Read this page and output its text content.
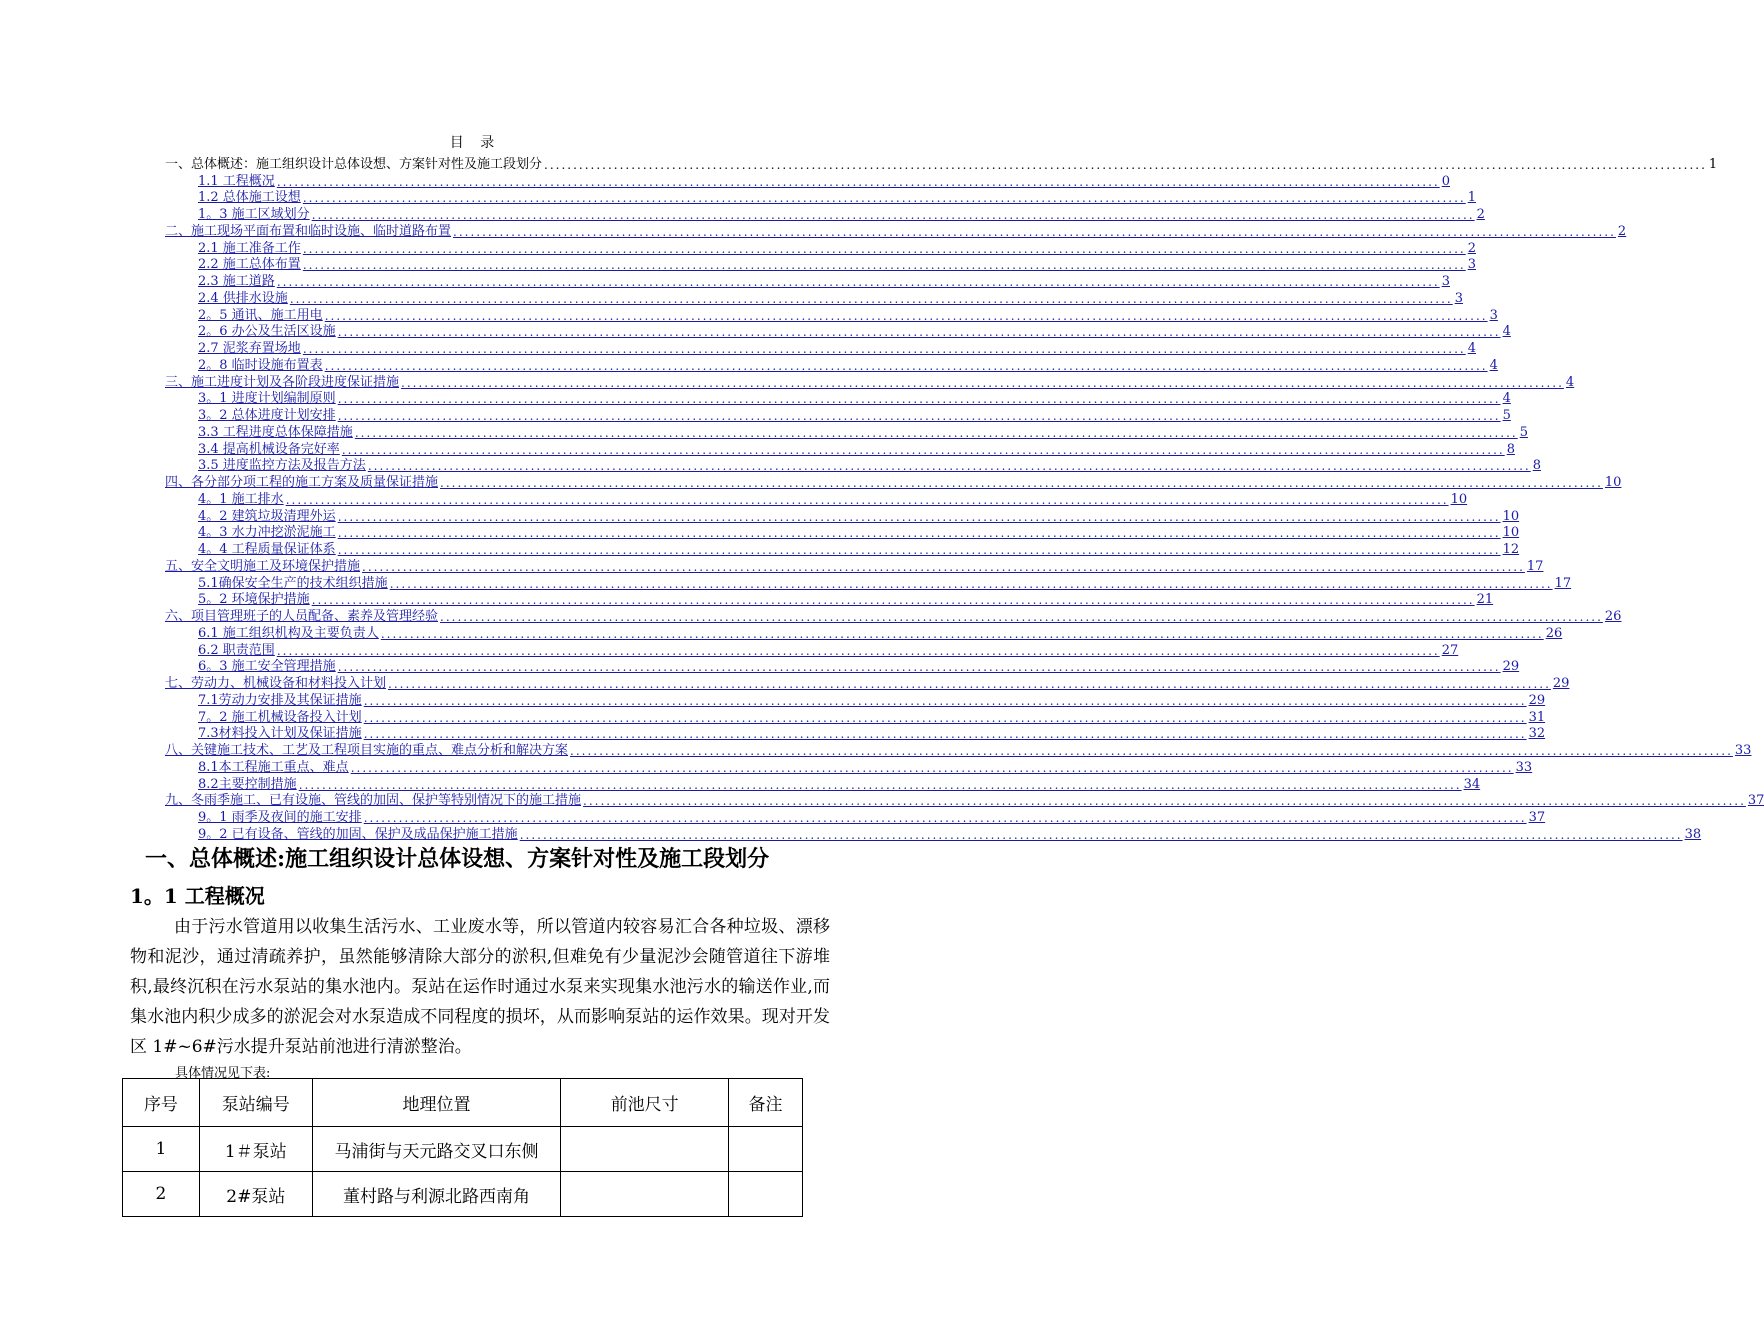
目 录
一、总体概述：施工组织设计总体设想、方案针对性及施工段划分 ........................................................................................................................................................................................................ 1
1.1 工程概况 ........................................................................................................................................................................................................ 0
1.2 总体施工设想 ........................................................................................................................................................................................................ 1
1。3 施工区域划分 ........................................................................................................................................................................................................ 2
二、施工现场平面布置和临时设施、临时道路布置 ........................................................................................................................................................................................................ 2
2.1 施工准备工作 ........................................................................................................................................................................................................ 2
2.2 施工总体布置 ........................................................................................................................................................................................................ 3
2.3 施工道路 ........................................................................................................................................................................................................ 3
2.4 供排水设施 ........................................................................................................................................................................................................ 3
2。5 通讯、施工用电 ........................................................................................................................................................................................................ 3
2。6 办公及生活区设施 ........................................................................................................................................................................................................ 4
2.7 泥浆弃置场地 ........................................................................................................................................................................................................ 4
2。8 临时设施布置表 ........................................................................................................................................................................................................ 4
三、施工进度计划及各阶段进度保证措施 ........................................................................................................................................................................................................ 4
3。1 进度计划编制原则 ........................................................................................................................................................................................................ 4
3。2 总体进度计划安排 ........................................................................................................................................................................................................ 5
3.3 工程进度总体保障措施 ........................................................................................................................................................................................................ 5
3.4 提高机械设备完好率 ........................................................................................................................................................................................................ 8
3.5 进度监控方法及报告方法 ........................................................................................................................................................................................................ 8
四、各分部分项工程的施工方案及质量保证措施 ........................................................................................................................................................................................................ 10
4。1 施工排水 ........................................................................................................................................................................................................ 10
4。2 建筑垃圾清理外运 ........................................................................................................................................................................................................ 10
4。3 水力冲挖淤泥施工 ........................................................................................................................................................................................................ 10
4。4 工程质量保证体系 ........................................................................................................................................................................................................ 12
五、安全文明施工及环境保护措施 ........................................................................................................................................................................................................ 17
5.1确保安全生产的技术组织措施 ........................................................................................................................................................................................................ 17
5。2 环境保护措施 ........................................................................................................................................................................................................ 21
六、项目管理班子的人员配备、素养及管理经验 ........................................................................................................................................................................................................ 26
6.1 施工组织机构及主要负责人 ........................................................................................................................................................................................................ 26
6.2 职责范围 ........................................................................................................................................................................................................ 27
6。3 施工安全管理措施 ........................................................................................................................................................................................................ 29
七、劳动力、机械设备和材料投入计划 ........................................................................................................................................................................................................ 29
7.1劳动力安排及其保证措施 ........................................................................................................................................................................................................ 29
7。2 施工机械设备投入计划 ........................................................................................................................................................................................................ 31
7.3材料投入计划及保证措施 ........................................................................................................................................................................................................ 32
八、关键施工技术、工艺及工程项目实施的重点、难点分析和解决方案 ........................................................................................................................................................................................................ 33
8.1本工程施工重点、难点 ........................................................................................................................................................................................................ 33
8.2主要控制措施 ........................................................................................................................................................................................................ 34
九、冬雨季施工、已有设施、管线的加固、保护等特别情况下的施工措施 ........................................................................................................................................................................................................ 37
9。1 雨季及夜间的施工安排 ........................................................................................................................................................................................................ 37
9。2 已有设备、管线的加固、保护及成品保护施工措施 ........................................................................................................................................................................................................ 38
一、总体概述:施工组织设计总体设想、方案针对性及施工段划分
1。1 工程概况
由于污水管道用以收集生活污水、工业废水等，所以管道内较容易汇合各种垃圾、漂移物和泥沙，通过清疏养护，虽然能够清除大部分的淤积,但难免有少量泥沙会随管道往下游堆积,最终沉积在污水泵站的集水池内。泵站在运作时通过水泵来实现集水池污水的输送作业,而集水池内积少成多的淤泥会对水泵造成不同程度的损坏，从而影响泵站的运作效果。现对开发区 1#~6#污水提升泵站前池进行清淤整治。
具体情况见下表:
序号	泵站编号	地理位置	前池尺寸	备注
1	1＃泵站	马浦街与天元路交叉口东侧		
2	2#泵站	董村路与利源北路西南角		
